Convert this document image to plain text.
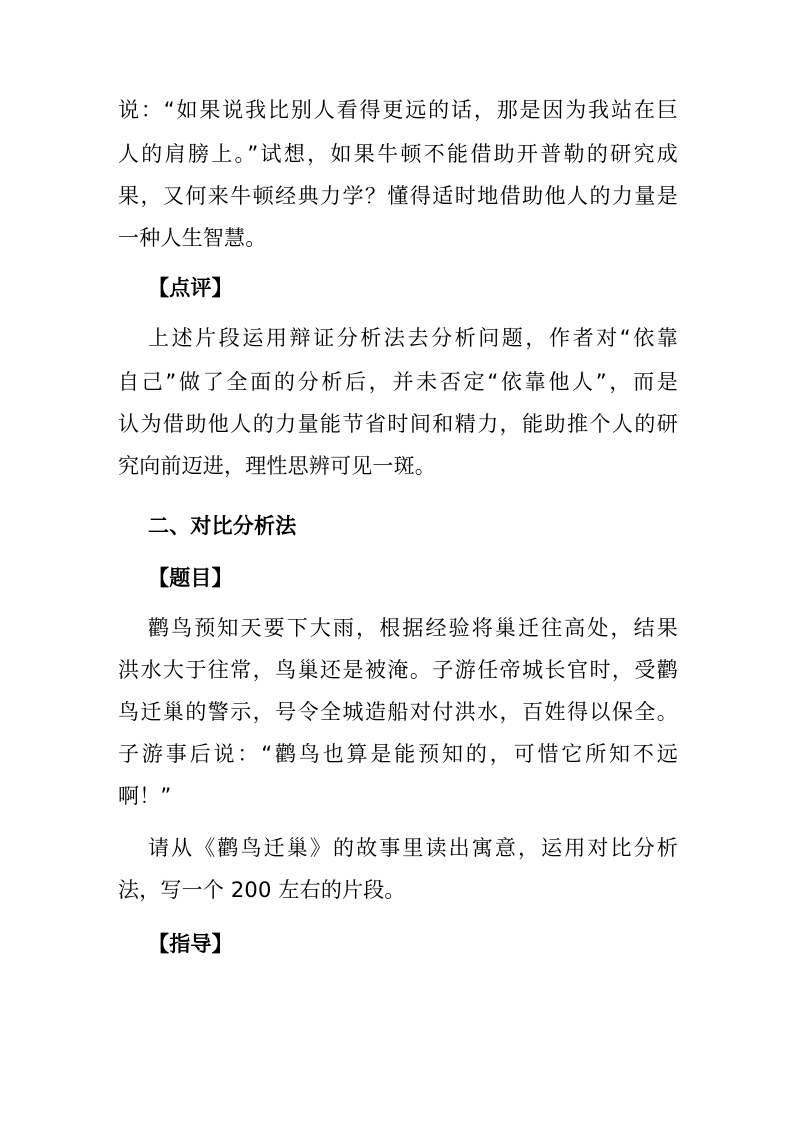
说：“如果说我比别人看得更远的话，那是因为我站在巨
人的肩膀上。”试想，如果牛顿不能借助开普勒的研究成
果，又何来牛顿经典力学？懂得适时地借助他人的力量是
一种人生智慧。
【点评】
上述片段运用辩证分析法去分析问题，作者对“依靠
自己”做了全面的分析后，并未否定“依靠他人”，而是
认为借助他人的力量能节省时间和精力，能助推个人的研
究向前迈进，理性思辨可见一斑。
二、对比分析法
【题目】
鹳鸟预知天要下大雨，根据经验将巢迁往高处，结果
洪水大于往常，鸟巢还是被淹。子游任帝城长官时，受鹳
鸟迁巢的警示，号令全城造船对付洪水，百姓得以保全。
子游事后说：“鹳鸟也算是能预知的，可惜它所知不远
啊！”
请从《鹳鸟迁巢》的故事里读出寓意，运用对比分析
法，写一个 200 左右的片段。
【指导】
